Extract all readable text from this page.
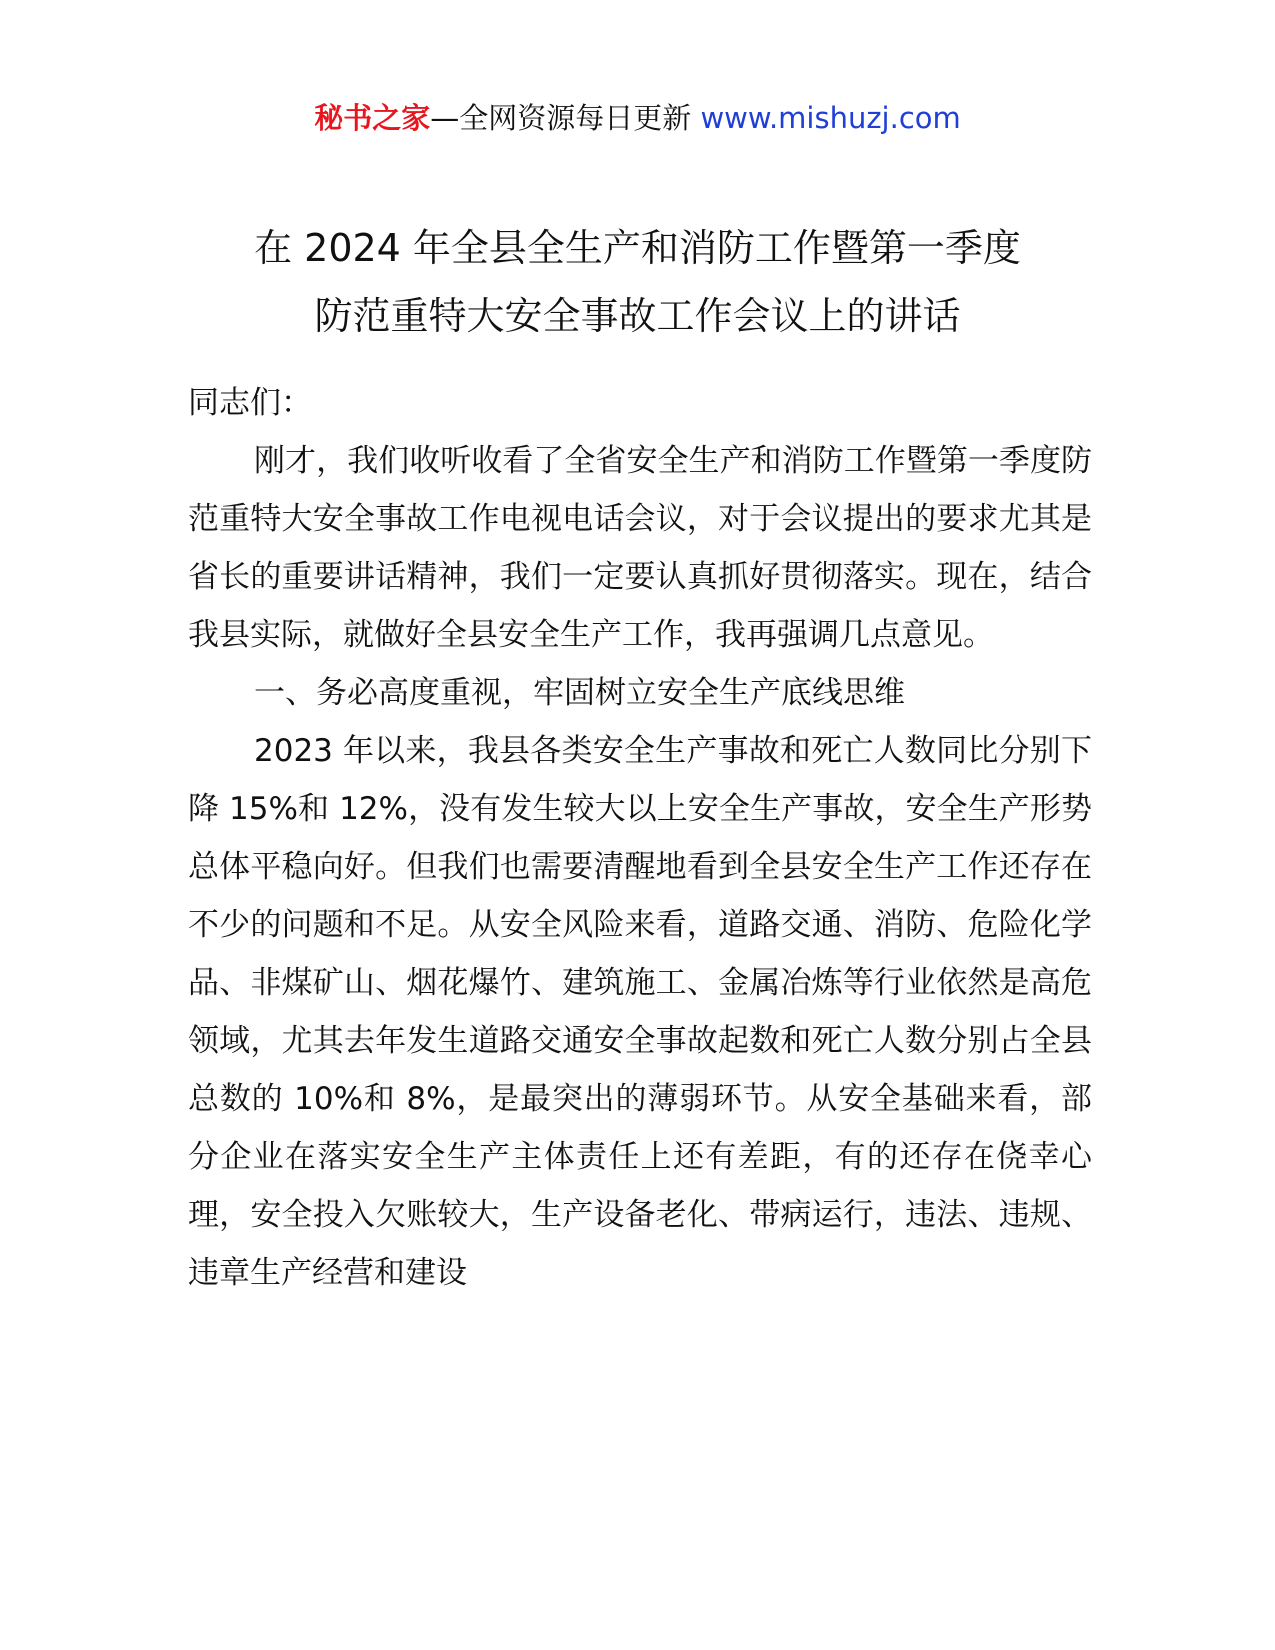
秘书之家—全网资源每日更新 www.mishuzj.com
在 2024 年全县全生产和消防工作暨第一季度
防范重特大安全事故工作会议上的讲话

同志们：

刚才，我们收听收看了全省安全生产和消防工作暨第一季度防范重特大安全事故工作电视电话会议，对于会议提出的要求尤其是省长的重要讲话精神，我们一定要认真抓好贯彻落实。现在，结合我县实际，就做好全县安全生产工作，我再强调几点意见。

一、务必高度重视，牢固树立安全生产底线思维

2023 年以来，我县各类安全生产事故和死亡人数同比分别下降 15%和 12%，没有发生较大以上安全生产事故，安全生产形势总体平稳向好。但我们也需要清醒地看到全县安全生产工作还存在不少的问题和不足。从安全风险来看，道路交通、消防、危险化学品、非煤矿山、烟花爆竹、建筑施工、金属冶炼等行业依然是高危领域，尤其去年发生道路交通安全事故起数和死亡人数分别占全县总数的 10%和 8%，是最突出的薄弱环节。从安全基础来看，部分企业在落实安全生产主体责任上还有差距，有的还存在侥幸心理，安全投入欠账较大，生产设备老化、带病运行，违法、违规、违章生产经营和建设
